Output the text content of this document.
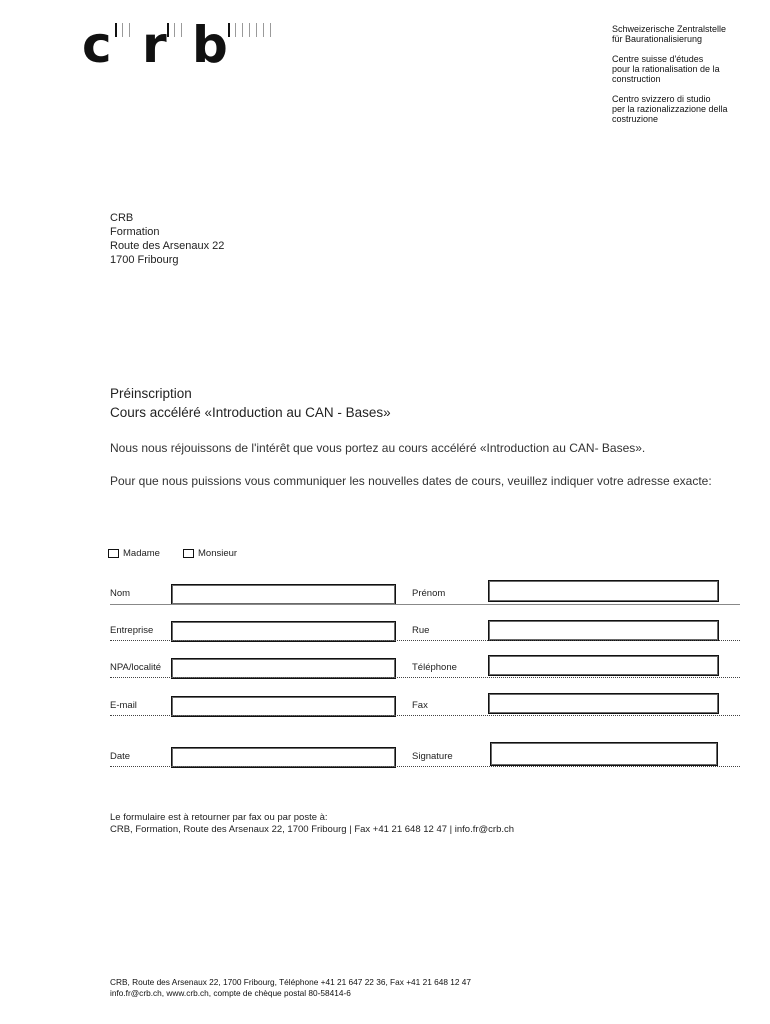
c r b	Schweizerische Zentralstelle
für Baurationalisierung

Centre suisse d'études
pour la rationalisation de la
construction

Centro svizzero di studio
per la razionalizzazione della
costruzione

CRB
Formation
Route des Arsenaux 22
1700 Fribourg
Préinscription
Cours accéléré «Introduction au CAN - Bases»
Nous nous réjouissons de l'intérêt que vous portez au cours accéléré «Introduction au CAN- Bases».
Pour que nous puissions vous communiquer les nouvelles dates de cours, veuillez indiquer votre adresse exacte:
Madame	Monsieur
Nom	Prénom
Entreprise	Rue
NPA/localité	Téléphone
E-mail	Fax
Date	Signature
Le formulaire est à retourner par fax ou par poste à:
CRB, Formation, Route des Arsenaux 22, 1700 Fribourg | Fax +41 21 648 12 47 | info.fr@crb.ch
CRB, Route des Arsenaux 22, 1700 Fribourg, Téléphone +41 21 647 22 36, Fax +41 21 648 12 47
info.fr@crb.ch, www.crb.ch, compte de chèque postal 80-58414-6
